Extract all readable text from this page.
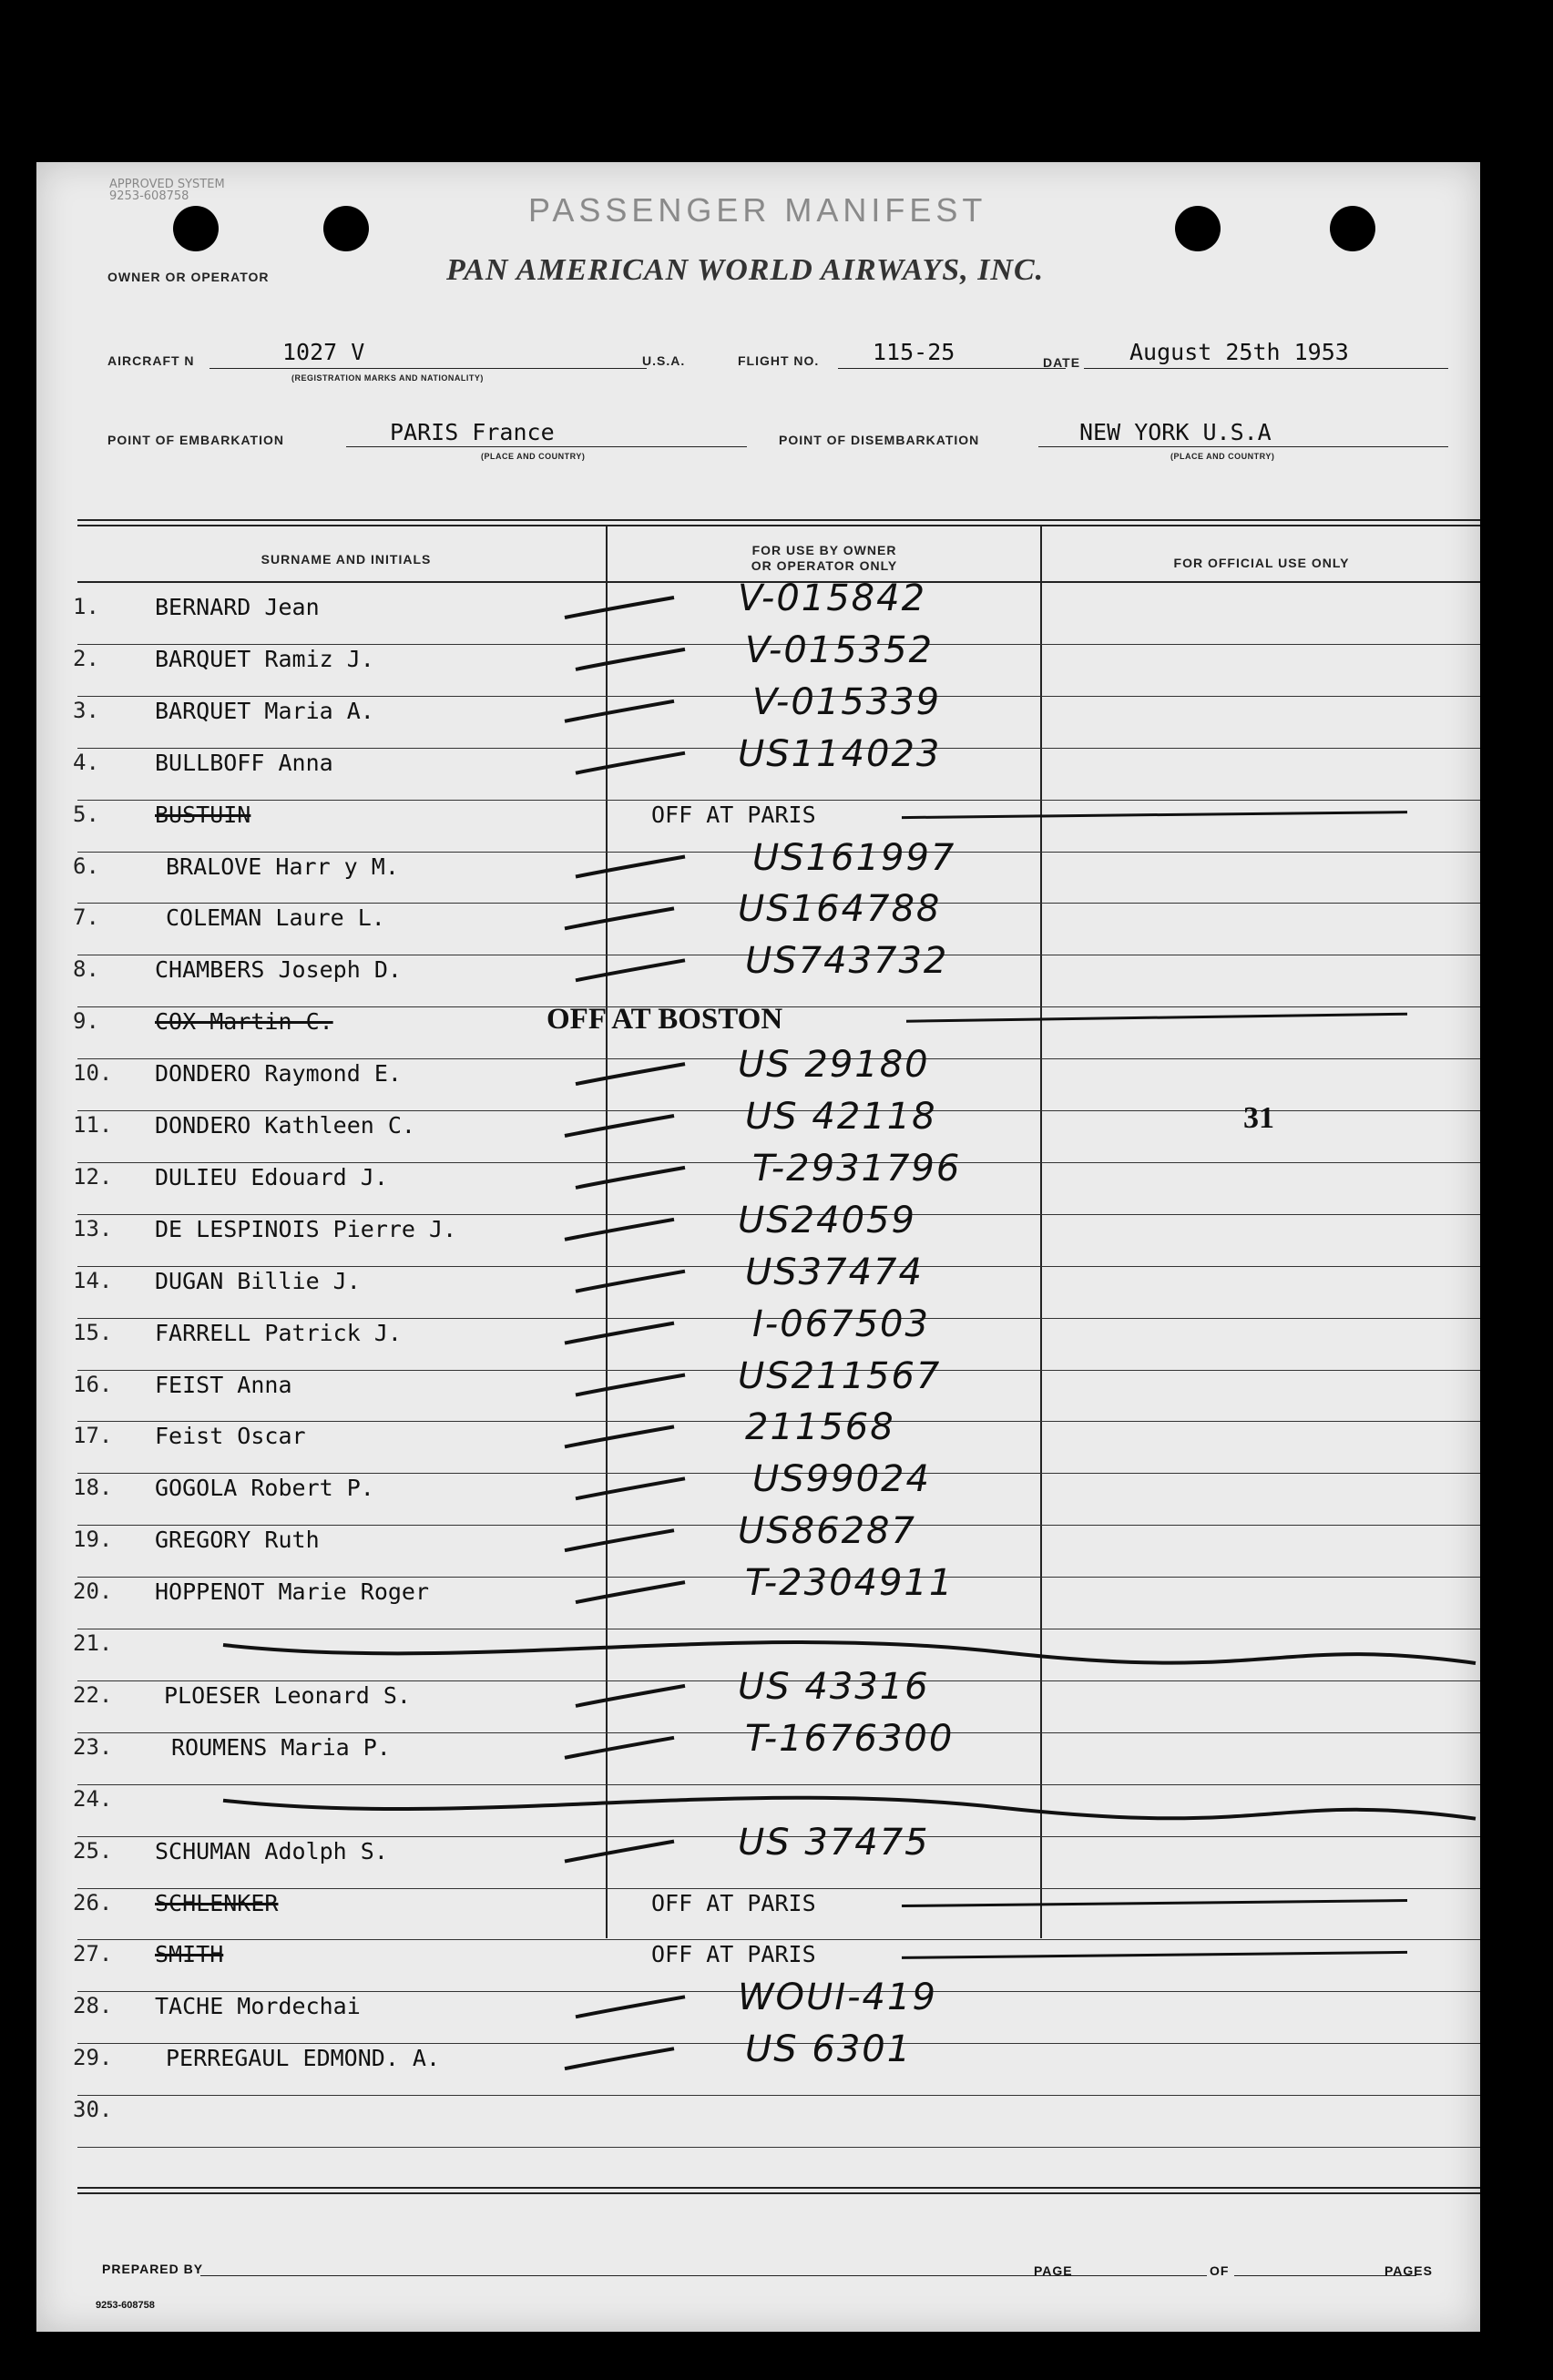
APPROVED SYSTEM 9253-608758	PASSENGER MANIFEST
OWNER OR OPERATOR	PAN AMERICAN WORLD AIRWAYS, INC.
AIRCRAFT N	1027 V
(REGISTRATION MARKS AND NATIONALITY)
U.S.A.	FLIGHT NO. 115-25	DATE August 25th 1953
POINT OF EMBARKATION	PARIS France
(PLACE AND COUNTRY)
POINT OF DISEMBARKATION	NEW YORK U.S.A
(PLACE AND COUNTRY)
SURNAME AND INITIALS
FOR USE BY OWNER
OR OPERATOR ONLY	FOR OFFICIAL USE ONLY
PREPARED BY	PAGE	OF	PAGES
9253-608758
1. BERNARD Jean	V-015842
2. BARQUET Ramiz J.	V-015352
3. BARQUET Maria A.	V-015339
4. BULLBOFF Anna	US114023
5. BUSTUIN	OFF AT PARIS
6.	BRALOVE Harr y M.	US161997
7.	COLEMAN Laure L.	US164788
8. CHAMBERS Joseph D.	US743732
9. COX Martin C.	OFF AT BOSTON
10. DONDERO Raymond E.	US 29180
11. DONDERO Kathleen C.	US 42118	31
12. DULIEU Edouard J.	T-2931796
13. DE LESPINOIS Pierre J.	US24059
14. DUGAN Billie J.	US37474
15. FARRELL Patrick J.	I-067503
16. FEIST Anna	US211567
17. Feist Oscar	211568
18. GOGOLA Robert P.	US99024
19. GREGORY Ruth	US86287
20. HOPPENOT Marie Roger	T-2304911
21.
22. PLOESER Leonard S.	US 43316
23.	ROUMENS Maria P.	T-1676300
24.
25. SCHUMAN Adolph S.	US 37475
26. SCHLENKER	OFF AT PARIS
27. SMITH	OFF AT PARIS
28. TACHE Mordechai	WOUI-419
29. PERREGAUL EDMOND. A.	US 6301
30.
